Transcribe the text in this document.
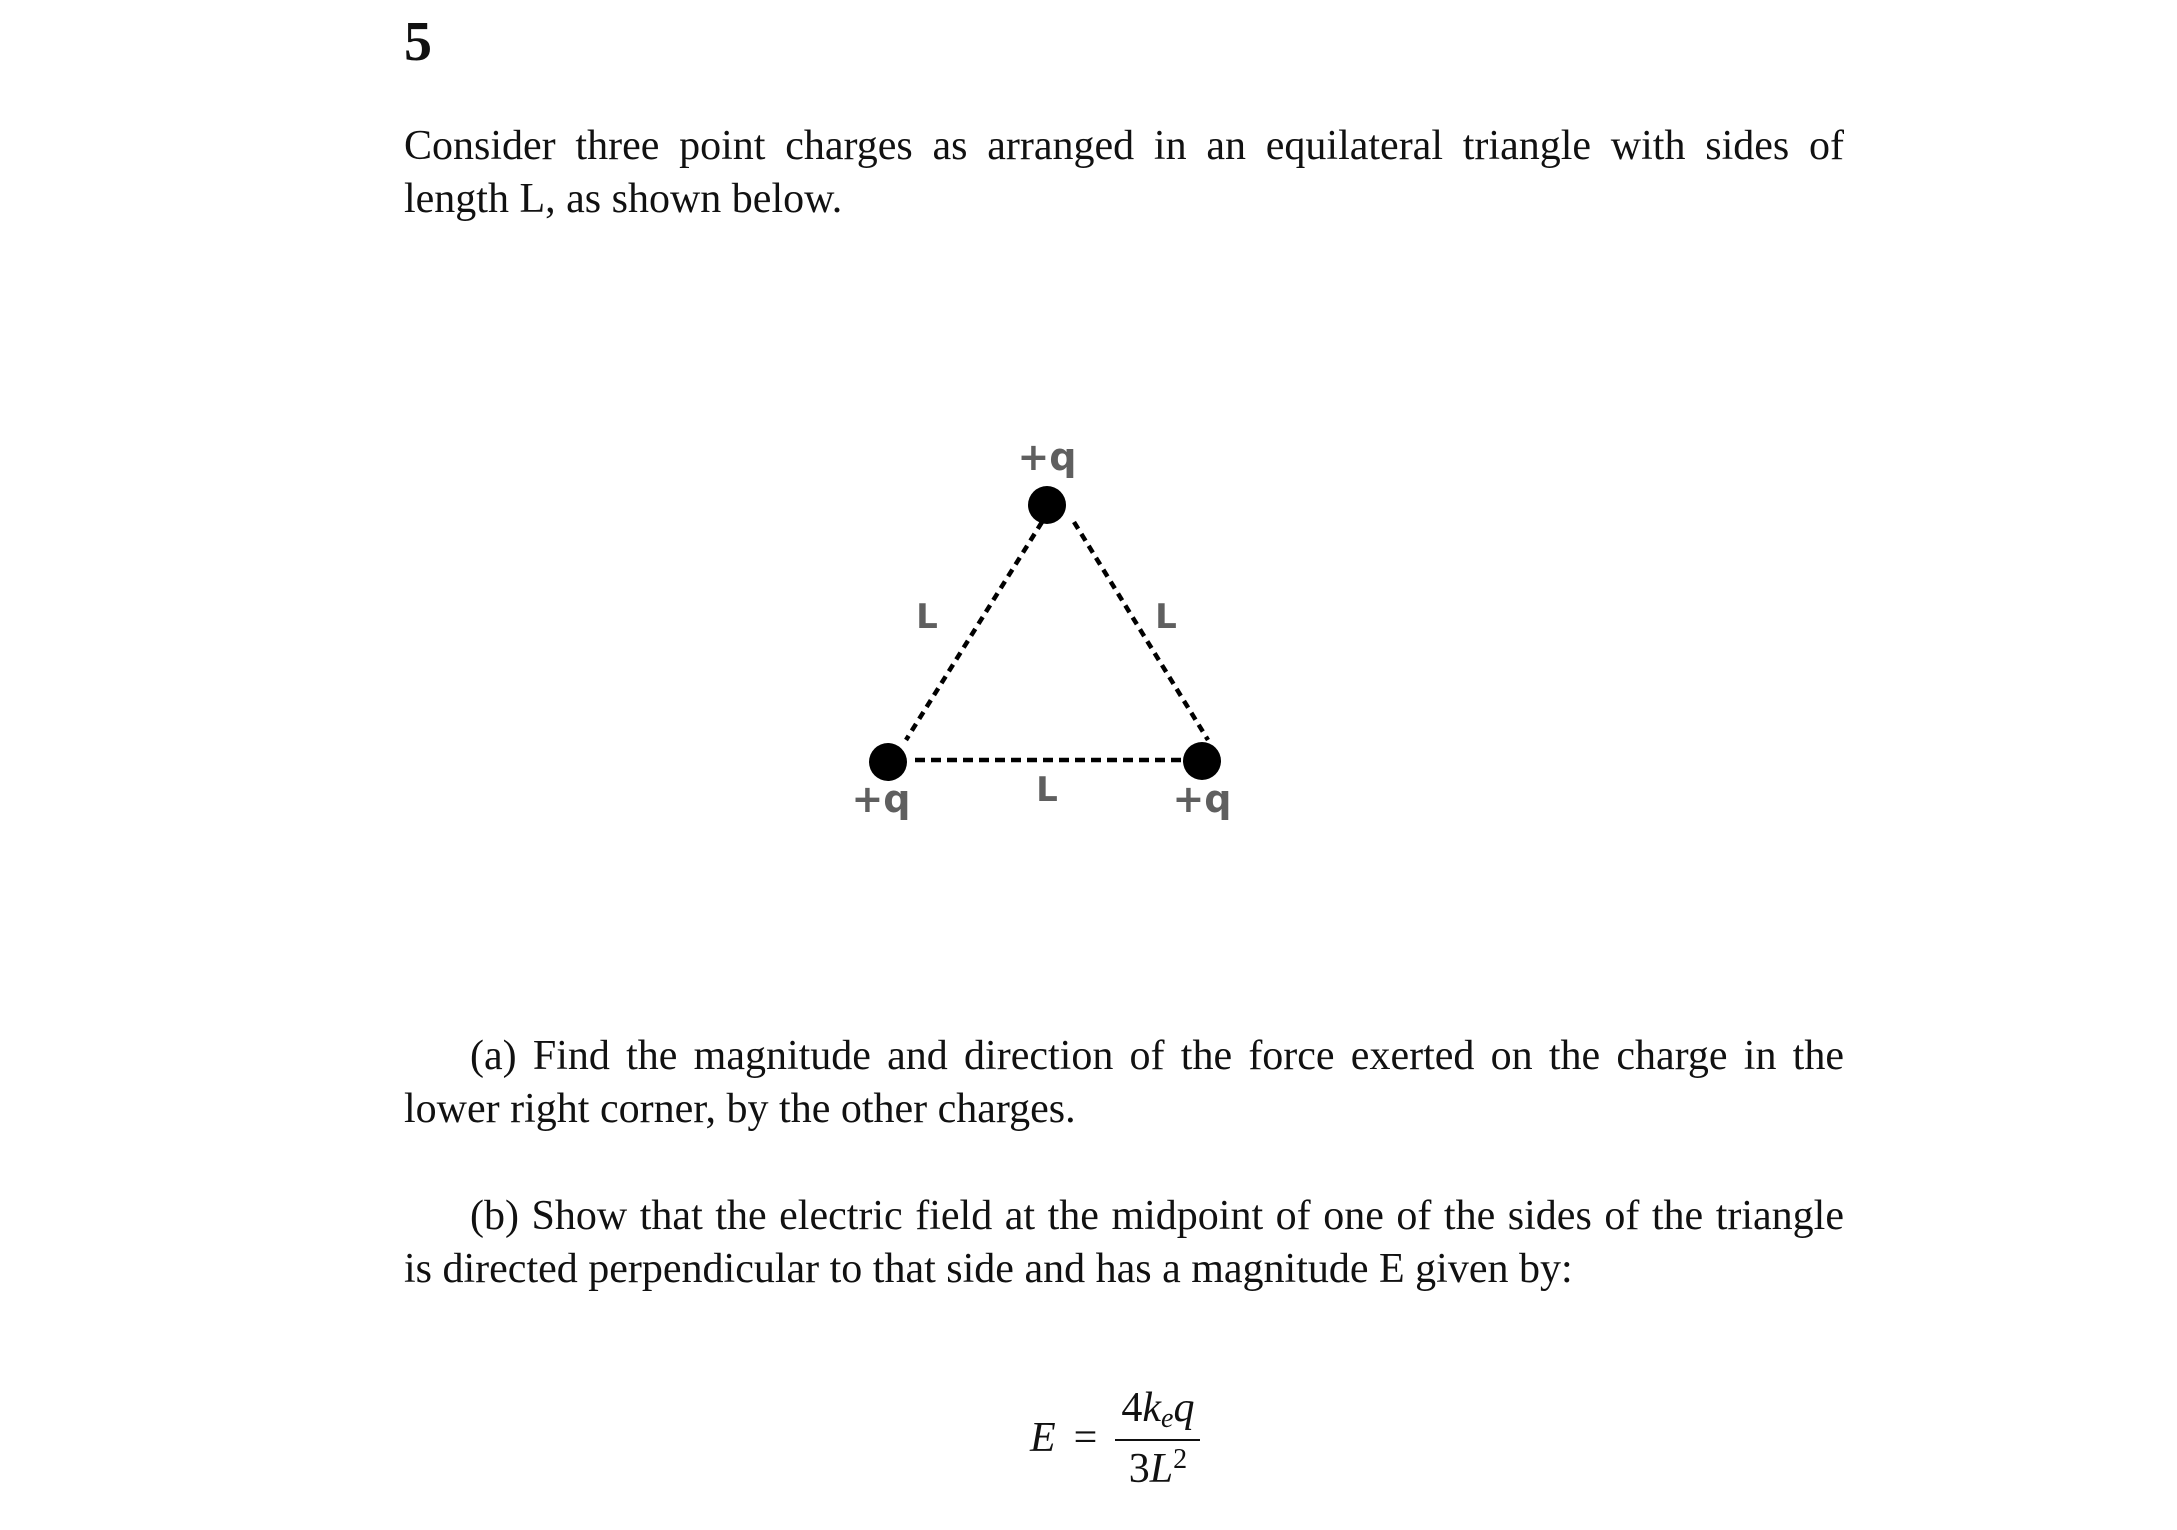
5
Consider three point charges as arranged in an equilateral triangle with sides of length L, as shown below.
+q
+q	+q
L	L
L
(a) Find the magnitude and direction of the force exerted on the charge in the lower right corner, by the other charges.
(b) Show that the electric field at the midpoint of one of the sides of the triangle is directed perpendicular to that side and has a magnitude E given by:
$E = \frac{4k_eq}{3L^2}$
